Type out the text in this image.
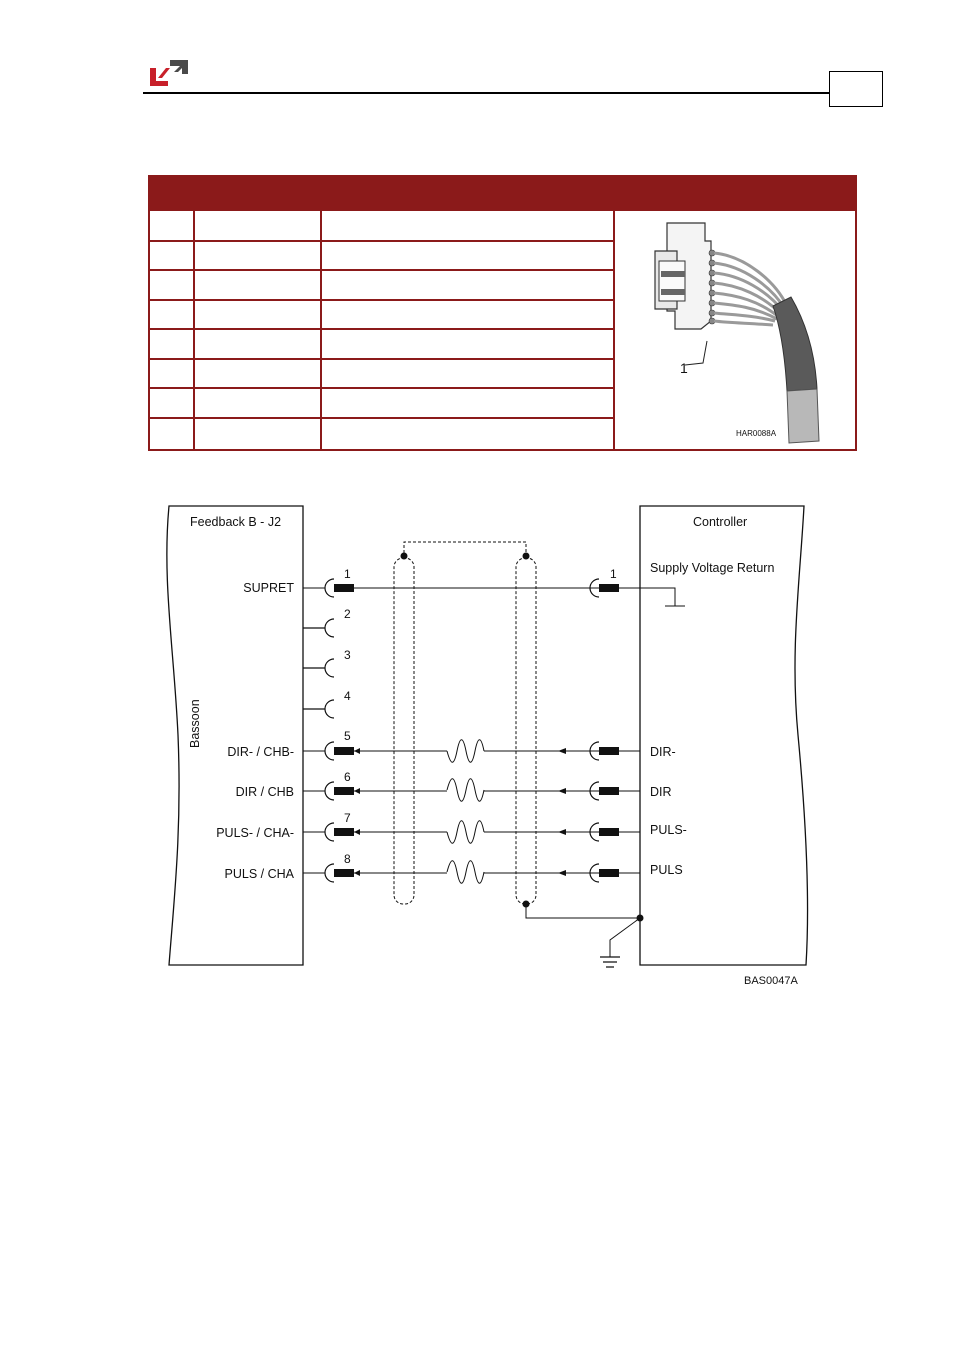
1
HAR0088A
Feedback B - J2
Bassoon
Controller
Supply Voltage Return
SUPRET
DIR- / CHB-
DIR / CHB
PULS- / CHA-
PULS / CHA
1
2
3
4
5
6
7
8
1
DIR-
DIR
PULS-
PULS
BAS0047A
